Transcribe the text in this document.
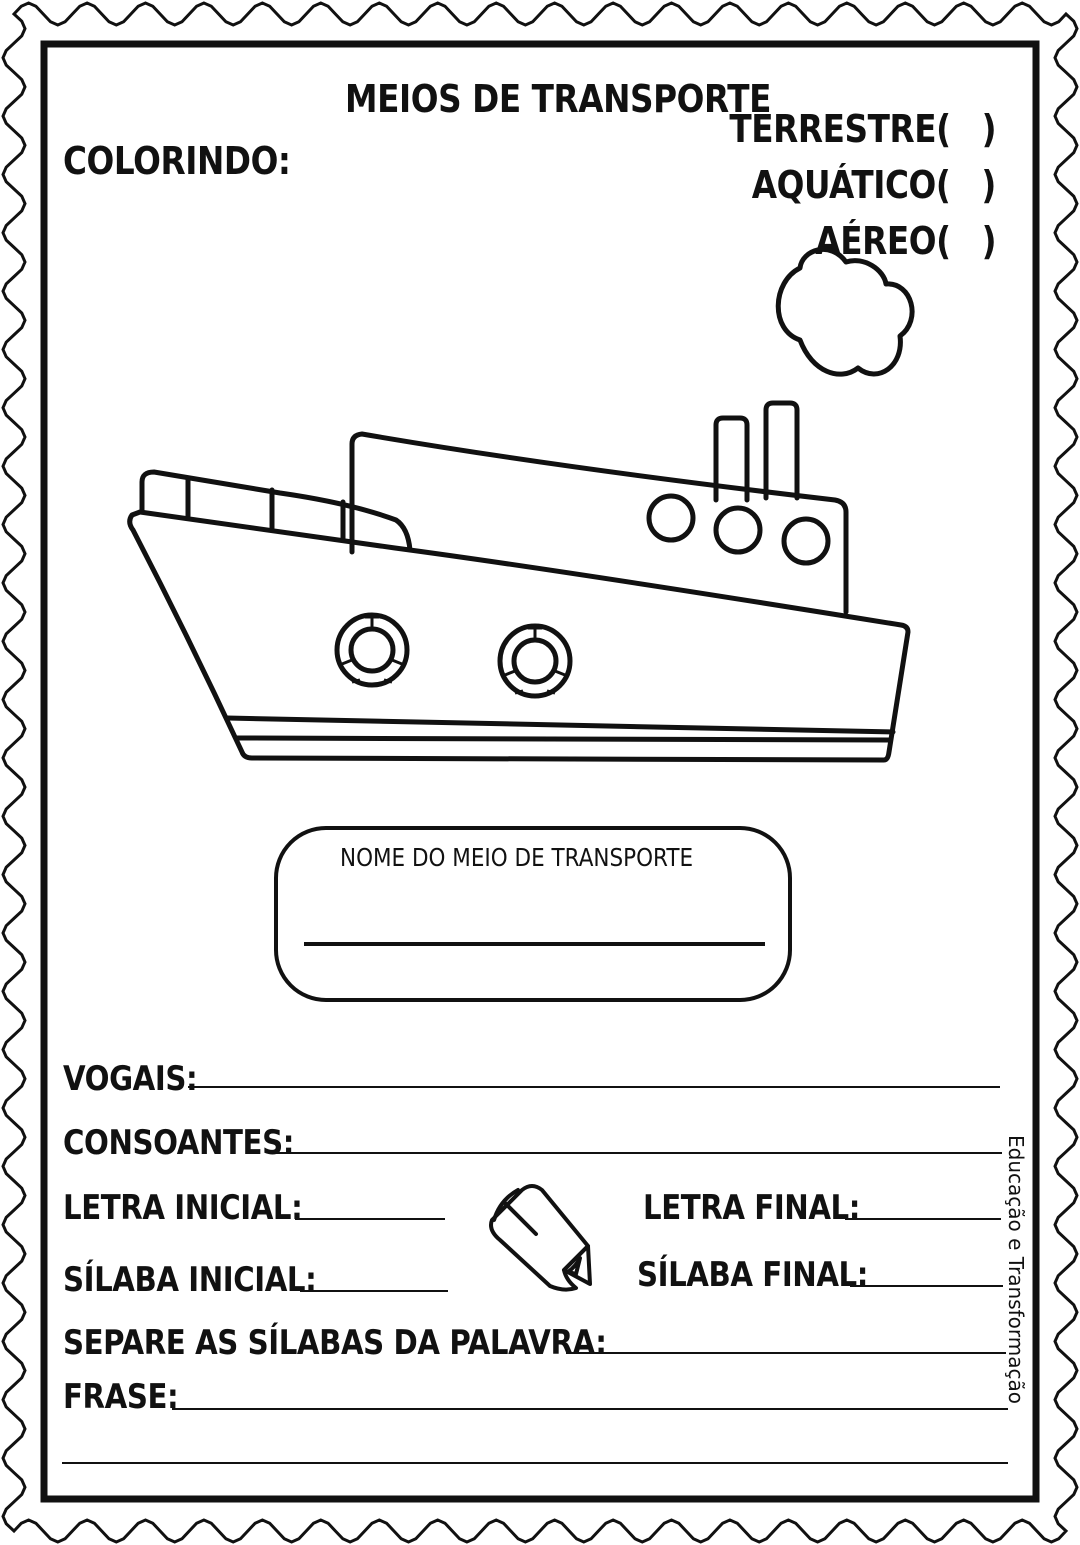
MEIOS DE TRANSPORTE
COLORINDO:
TERRESTRE( )
AQUÁTICO( )
AÉREO( )
NOME DO MEIO DE TRANSPORTE
VOGAIS:
CONSOANTES:
LETRA INICIAL:	LETRA FINAL:
SÍLABA INICIAL:	SÍLABA FINAL:
SEPARE AS SÍLABAS DA PALAVRA:
FRASE:	Educação e Transformação
